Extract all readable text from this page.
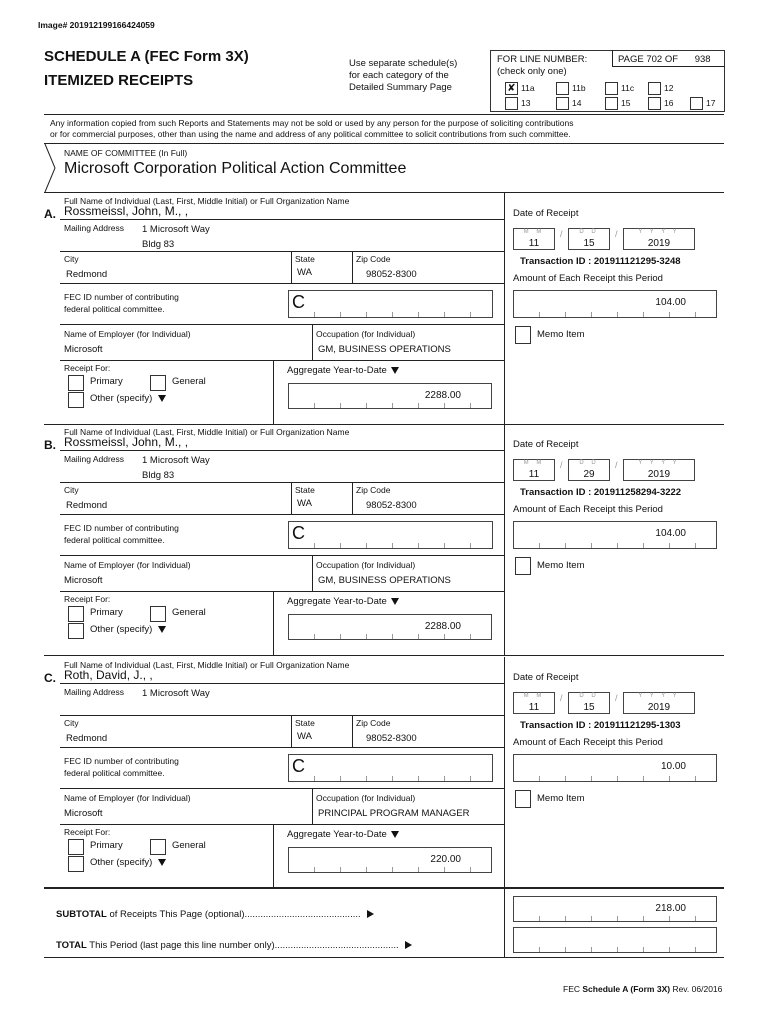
Image# 201912199166424059
SCHEDULE A (FEC Form 3X)
ITEMIZED RECEIPTS
Use separate schedule(s)
for each category of the
Detailed Summary Page
FOR LINE NUMBER:
(check only one)
PAGE 702 OF 938
✘ 11a	11b	11c	12
13	14	15	16	17
Any information copied from such Reports and Statements may not be sold or used by any person for the purpose of soliciting contributions
or for commercial purposes, other than using the name and address of any political committee to solicit contributions from such committee.
NAME OF COMMITTEE (In Full)
Microsoft Corporation Political Action Committee
Full Name of Individual (Last, First, Middle Initial) or Full Organization Name
A. Rossmeissl, John, M., ,
Mailing Address 1 Microsoft Way
Bldg 83
City
Redmond
State
WA
Zip Code
98052-8300
FEC ID number of contributing
federal political committee.	C
Name of Employer (for Individual)
Microsoft
Occupation (for Individual)
GM, BUSINESS OPERATIONS
Receipt For:
Primary	General
Other (specify)
Aggregate Year-to-Date
2288.00
Date of Receipt
M M
11
/	D D
15
/	Y Y Y Y
2019
Transaction ID : 201911121295-3248
Amount of Each Receipt this Period
104.00
Memo Item
Full Name of Individual (Last, First, Middle Initial) or Full Organization Name
B. Rossmeissl, John, M., ,
Mailing Address 1 Microsoft Way
Bldg 83
City
Redmond
State
WA
Zip Code
98052-8300
FEC ID number of contributing
federal political committee.	C
Name of Employer (for Individual)
Microsoft
Occupation (for Individual)
GM, BUSINESS OPERATIONS
Receipt For:
Primary	General
Other (specify)
Aggregate Year-to-Date
2288.00
Date of Receipt
M M
11
/	D D
29
/	Y Y Y Y
2019
Transaction ID : 201911258294-3222
Amount of Each Receipt this Period
104.00
Memo Item
Full Name of Individual (Last, First, Middle Initial) or Full Organization Name
C. Roth, David, J., ,
Mailing Address 1 Microsoft Way
City
Redmond
State
WA
Zip Code
98052-8300
FEC ID number of contributing
federal political committee.	C
Name of Employer (for Individual)
Microsoft
Occupation (for Individual)
PRINCIPAL PROGRAM MANAGER
Receipt For:
Primary	General
Other (specify)
Aggregate Year-to-Date
220.00
Date of Receipt
M M
11
/	D D
15
/	Y Y Y Y
2019
Transaction ID : 201911121295-1303
Amount of Each Receipt this Period
10.00
Memo Item
SUBTOTAL of Receipts This Page (optional)............................................
218.00
TOTAL This Period (last page this line number only)...............................................
FEC Schedule A (Form 3X) Rev. 06/2016
